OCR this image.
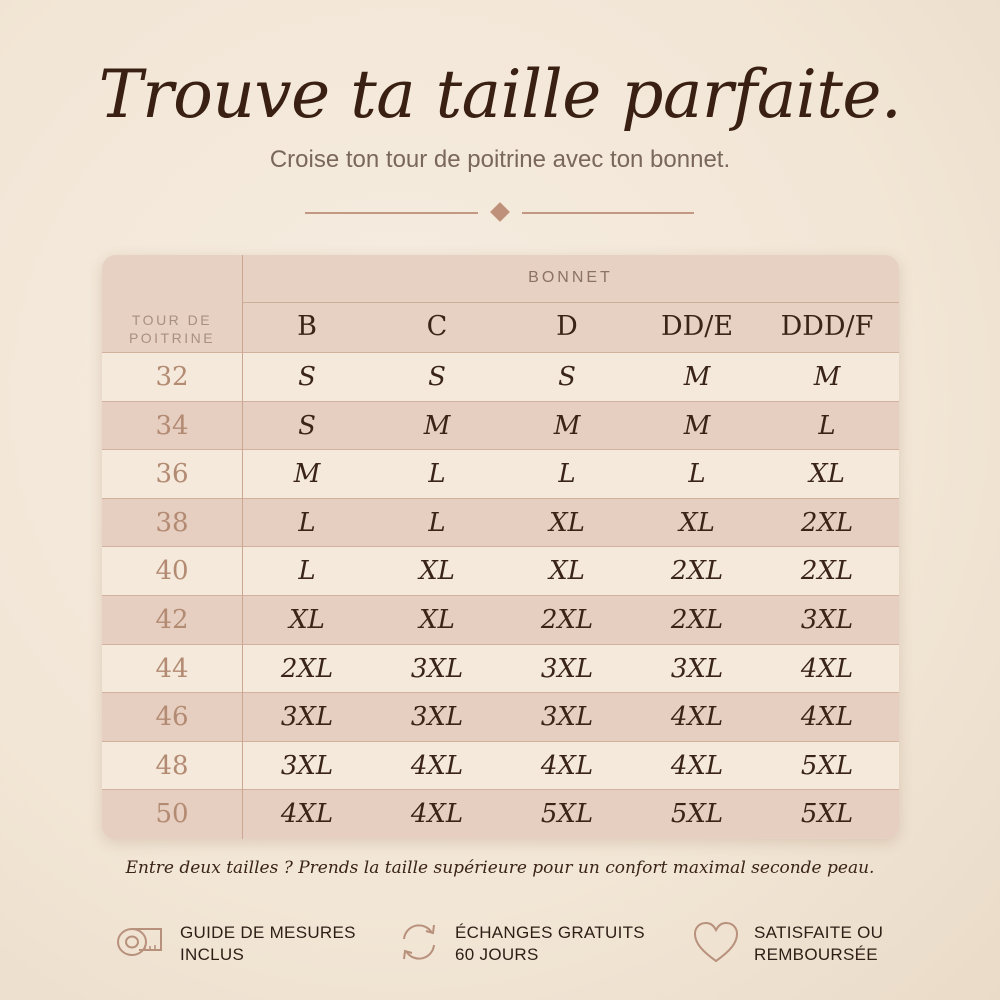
Trouve ta taille parfaite.
Croise ton tour de poitrine avec ton bonnet.
BONNET
TOUR DE
POITRINE	B	C	D	DD/E	DDD/F
32	S	S	S	M	M
34	S	M	M	M	L
36	M	L	L	L	XL
38	L	L	XL	XL	2XL
40	L	XL	XL	2XL	2XL
42	XL	XL	2XL	2XL	3XL
44	2XL	3XL	3XL	3XL	4XL
46	3XL	3XL	3XL	4XL	4XL
48	3XL	4XL	4XL	4XL	5XL
50	4XL	4XL	5XL	5XL	5XL
Entre deux tailles ? Prends la taille supérieure pour un confort maximal seconde peau.
GUIDE DE MESURES
INCLUS
ÉCHANGES GRATUITS
60 JOURS
SATISFAITE OU
REMBOURSÉE
